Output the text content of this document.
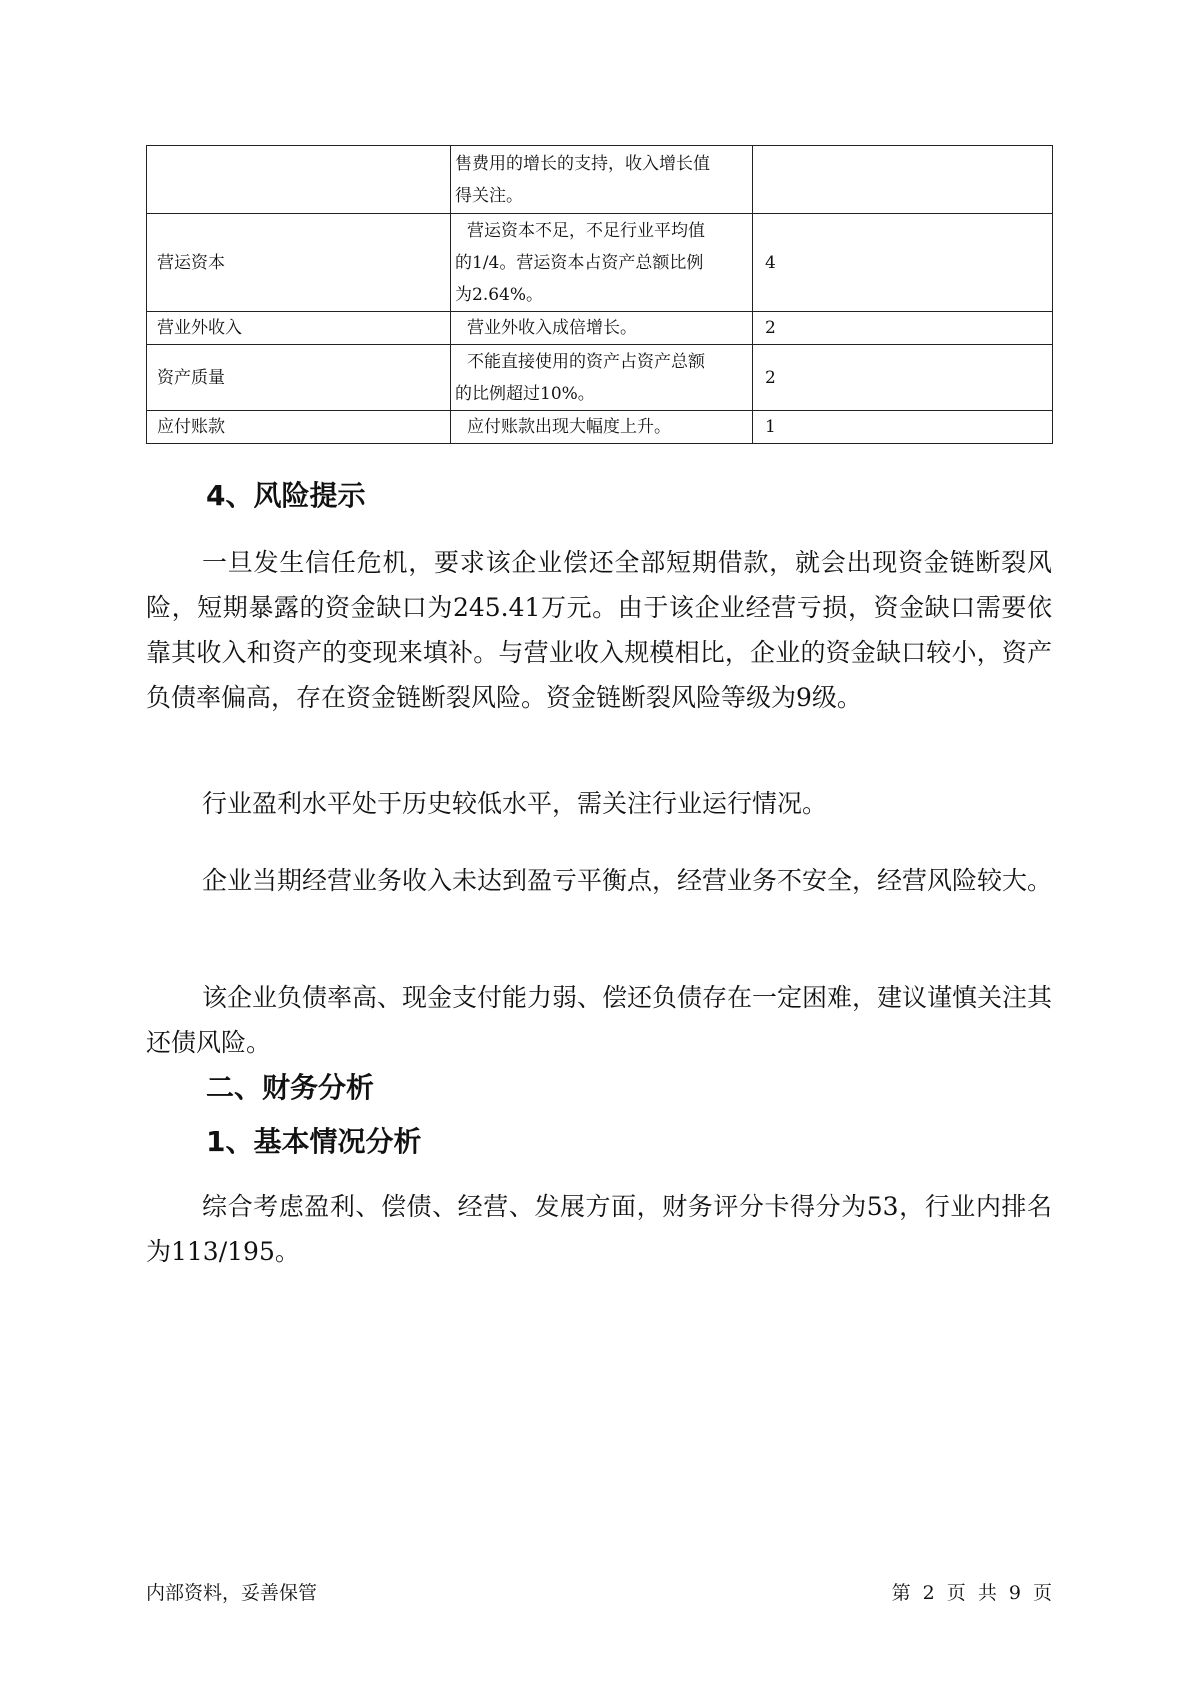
	售费用的增长的支持，收入增长值
得关注。	

营运资本	营运资本不足，不足行业平均值
的1/4。营运资本占资产总额比例
为2.64%。	4
营业外收入	营业外收入成倍增长。	2
资产质量	不能直接使用的资产占资产总额
的比例超过10%。	2
应付账款	应付账款出现大幅度上升。	1
4、风险提示

一旦发生信任危机，要求该企业偿还全部短期借款，就会出现资金链断裂风险，短期暴露的资金缺口为245.41万元。由于该企业经营亏损，资金缺口需要依靠其收入和资产的变现来填补。与营业收入规模相比，企业的资金缺口较小，资产负债率偏高，存在资金链断裂风险。资金链断裂风险等级为9级。

行业盈利水平处于历史较低水平，需关注行业运行情况。

企业当期经营业务收入未达到盈亏平衡点，经营业务不安全，经营风险较大。

该企业负债率高、现金支付能力弱、偿还负债存在一定困难，建议谨慎关注其还债风险。

二、财务分析
1、基本情况分析

综合考虑盈利、偿债、经营、发展方面，财务评分卡得分为53，行业内排名为113/195。

内部资料，妥善保管	第 2 页 共 9 页
